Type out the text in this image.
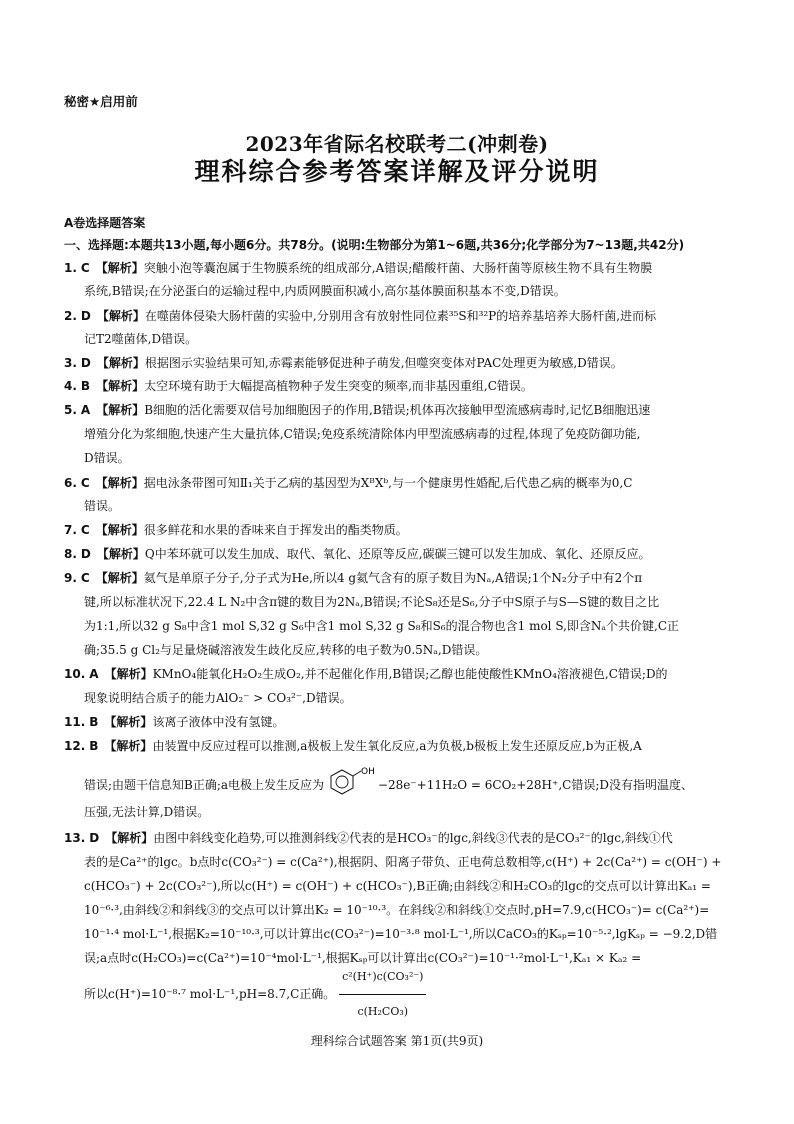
秘密★启用前
2023年省际名校联考二(冲刺卷)
理科综合参考答案详解及评分说明
A卷选择题答案
一、选择题:本题共13小题,每小题6分。共78分。(说明:生物部分为第1~6题,共36分;化学部分为7~13题,共42分)
1. C 【解析】突触小泡等囊泡属于生物膜系统的组成部分,A错误;醋酸杆菌、大肠杆菌等原核生物不具有生物膜
系统,B错误;在分泌蛋白的运输过程中,内质网膜面积减小,高尔基体膜面积基本不变,D错误。
2. D 【解析】在噬菌体侵染大肠杆菌的实验中,分别用含有放射性同位素³⁵S和³²P的培养基培养大肠杆菌,进而标
记T2噬菌体,D错误。
3. D 【解析】根据图示实验结果可知,赤霉素能够促进种子萌发,但噬突变体对PAC处理更为敏感,D错误。
4. B 【解析】太空环境有助于大幅提高植物种子发生突变的频率,而非基因重组,C错误。
5. A 【解析】B细胞的活化需要双信号加细胞因子的作用,B错误;机体再次接触甲型流感病毒时,记忆B细胞迅速
增殖分化为浆细胞,快速产生大量抗体,C错误;免疫系统清除体内甲型流感病毒的过程,体现了免疫防御功能,
D错误。
6. C 【解析】据电泳条带图可知Ⅱ₁关于乙病的基因型为XᴮXᵇ,与一个健康男性婚配,后代患乙病的概率为0,C
错误。
7. C 【解析】很多鲜花和水果的香味来自于挥发出的酯类物质。
8. D 【解析】Q中苯环就可以发生加成、取代、氧化、还原等反应,碳碳三键可以发生加成、氧化、还原反应。
9. C 【解析】氦气是单原子分子,分子式为He,所以4 g氦气含有的原子数目为Nₐ,A错误;1个N₂分子中有2个π
键,所以标准状况下,22.4 L N₂中含π键的数目为2Nₐ,B错误;不论S₈还是S₆,分子中S原子与S—S键的数目之比
为1:1,所以32 g S₈中含1 mol S,32 g S₆中含1 mol S,32 g S₈和S₆的混合物也含1 mol S,即含Nₐ个共价键,C正
确;35.5 g Cl₂与足量烧碱溶液发生歧化反应,转移的电子数为0.5Nₐ,D错误。
10. A 【解析】KMnO₄能氧化H₂O₂生成O₂,并不起催化作用,B错误;乙醇也能使酸性KMnO₄溶液褪色,C错误;D的
现象说明结合质子的能力AlO₂⁻ > CO₃²⁻,D错误。
11. B 【解析】该离子液体中没有氢键。
12. B 【解析】由装置中反应过程可以推测,a极板上发生氧化反应,a为负极,b极板上发生还原反应,b为正极,A
错误;由题干信息知B正确;a电极上发生反应为
OH
−28e⁻+11H₂O = 6CO₂+28H⁺,C错误;D没有指明温度、
压强,无法计算,D错误。
13. D 【解析】由图中斜线变化趋势,可以推测斜线②代表的是HCO₃⁻的lgc,斜线③代表的是CO₃²⁻的lgc,斜线①代
表的是Ca²⁺的lgc。b点时c(CO₃²⁻) = c(Ca²⁺),根据阴、阳离子带负、正电荷总数相等,c(H⁺) + 2c(Ca²⁺) = c(OH⁻) +
c(HCO₃⁻) + 2c(CO₃²⁻),所以c(H⁺) = c(OH⁻) + c(HCO₃⁻),B正确;由斜线②和H₂CO₃的lgc的交点可以计算出Kₐ₁ =
10⁻⁶·³,由斜线②和斜线③的交点可以计算出K₂ = 10⁻¹⁰·³。在斜线②和斜线①交点时,pH=7.9,c(HCO₃⁻)= c(Ca²⁺)=
10⁻¹·⁴ mol·L⁻¹,根据K₂=10⁻¹⁰·³,可以计算出c(CO₃²⁻)=10⁻³·⁸ mol·L⁻¹,所以CaCO₃的Kₛₚ=10⁻⁵·²,lgKₛₚ = −9.2,D错
误;a点时c(H₂CO₃)=c(Ca²⁺)=10⁻⁴mol·L⁻¹,根据Kₛₚ可以计算出c(CO₃²⁻)=10⁻¹·²mol·L⁻¹,Kₐ₁ × Kₐ₂ =
所以c(H⁺)=10⁻⁸·⁷ mol·L⁻¹,pH=8.7,C正确。 $\frac{\text{c²(H⁺)c(CO₃²⁻)}}{\text{c(H₂CO₃)}}$
理科综合试题答案 第1页(共9页)
